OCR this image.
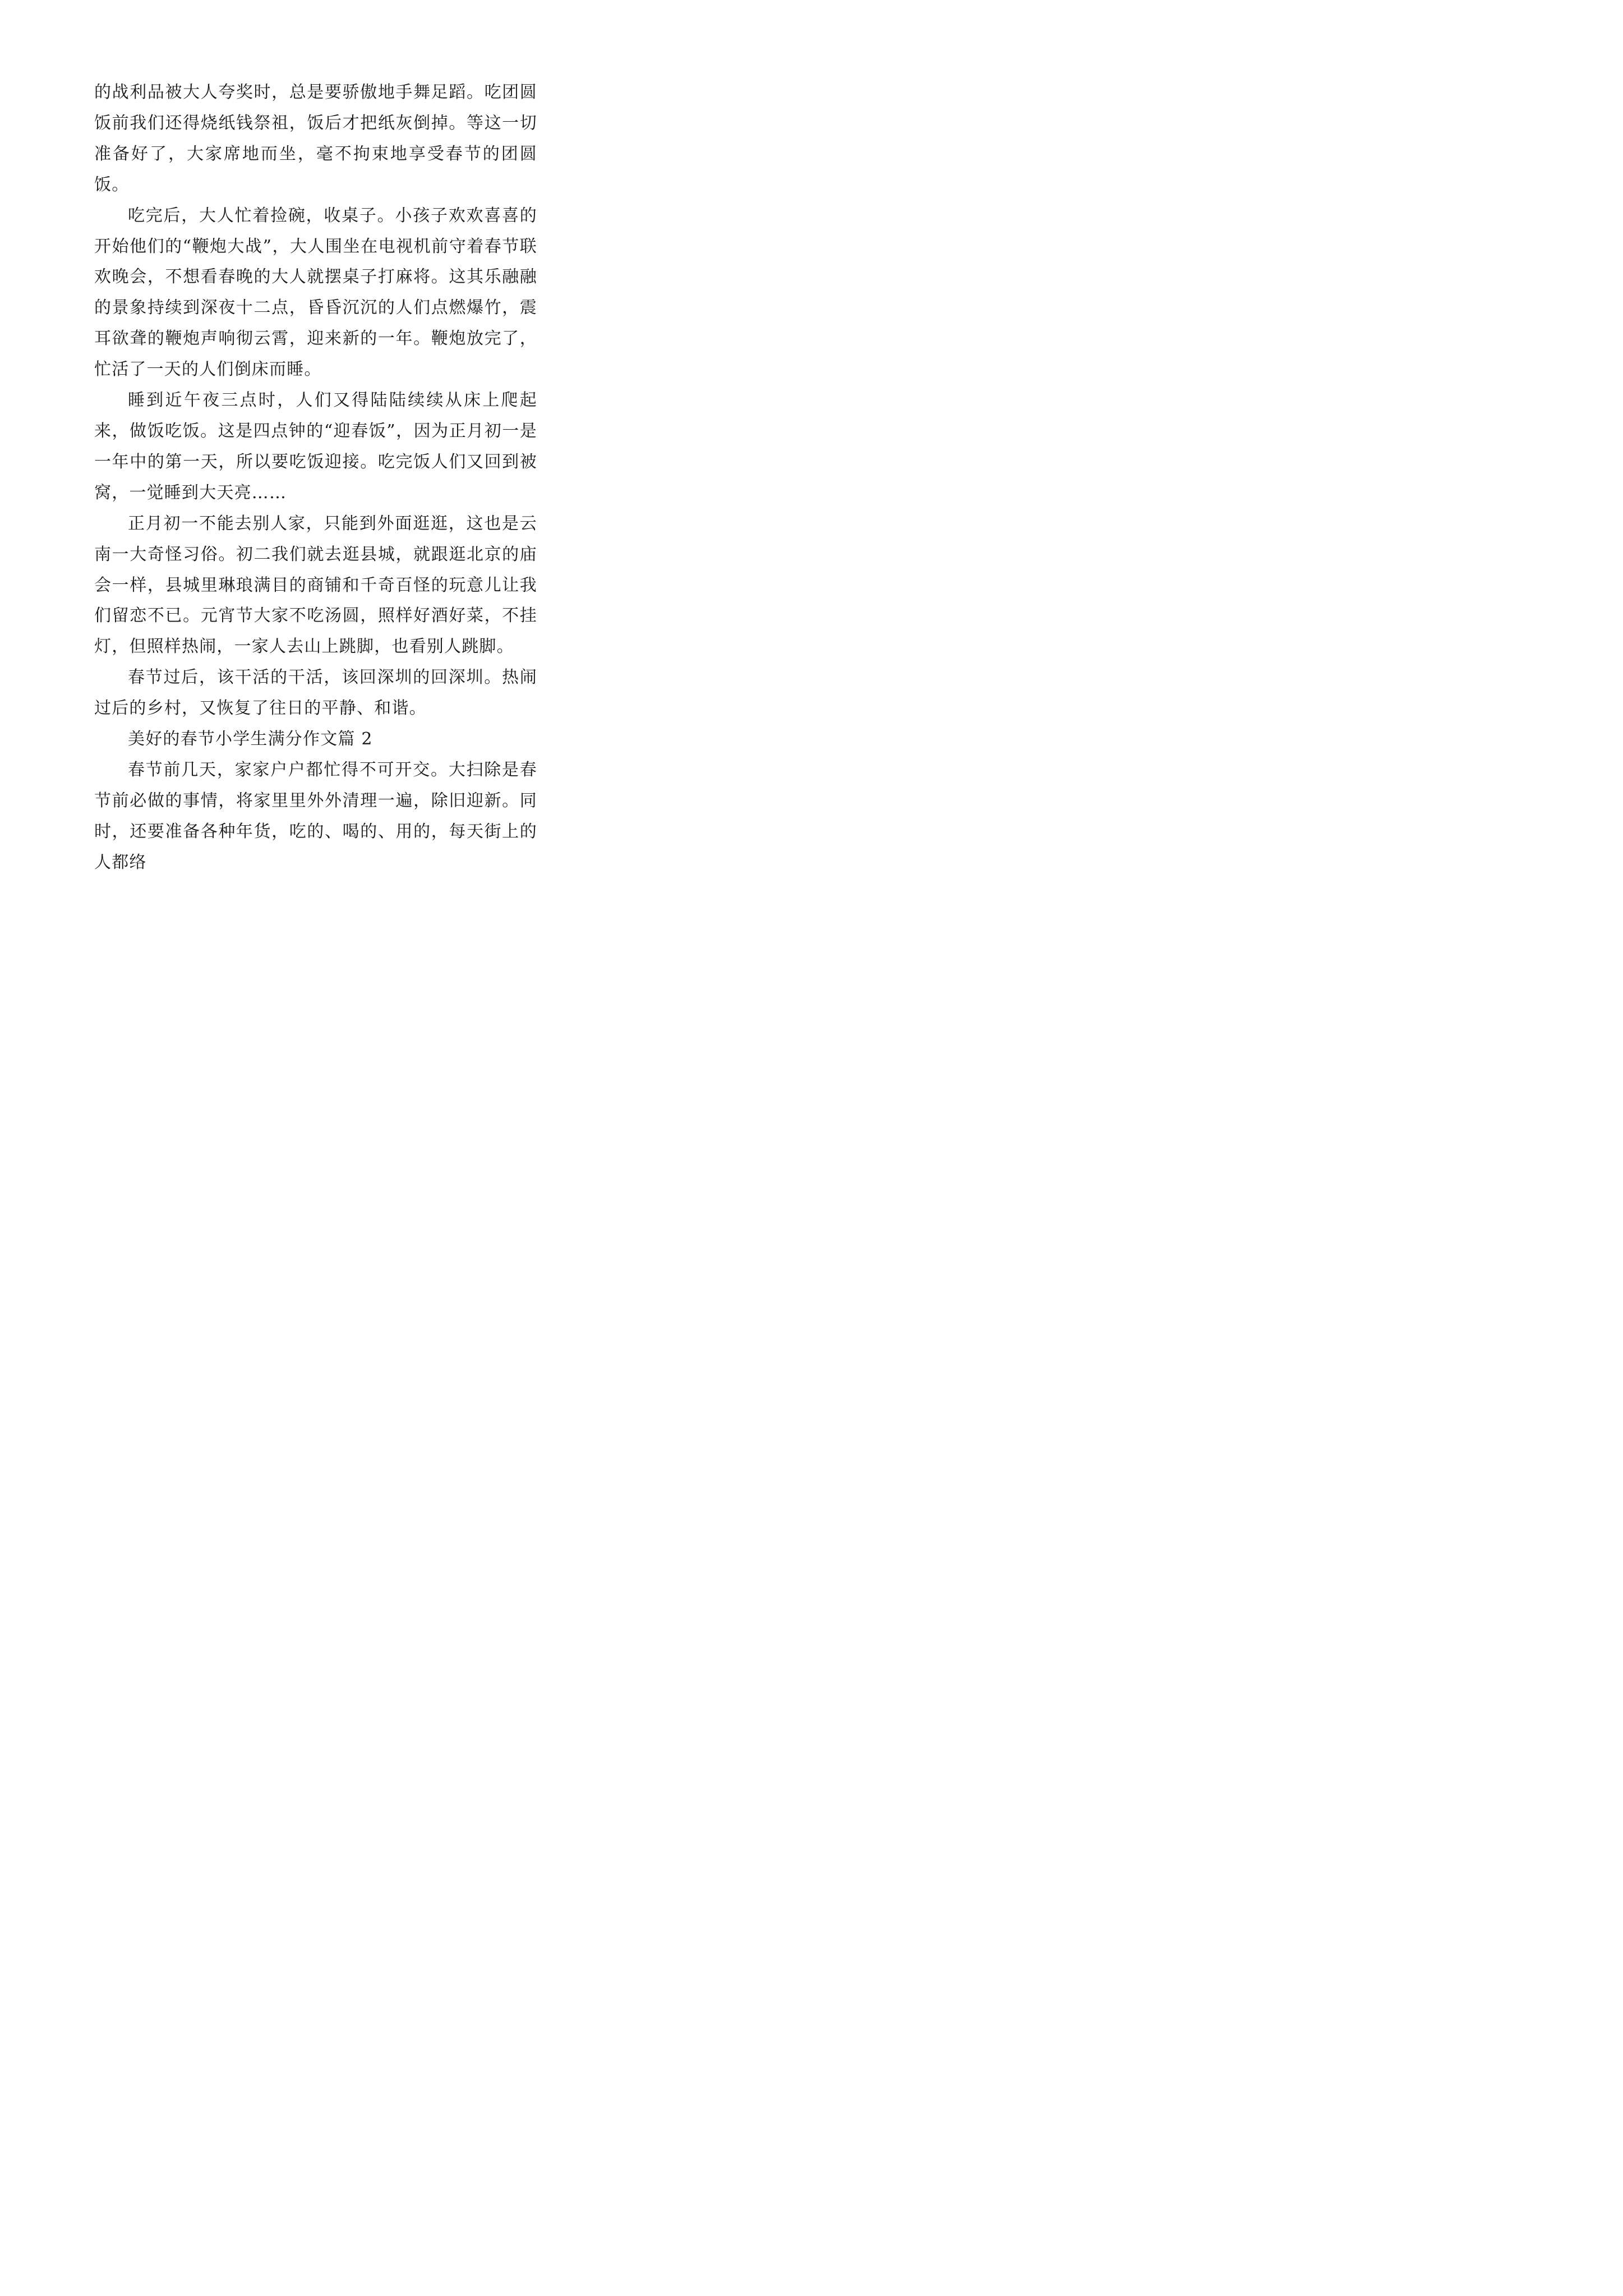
的战利品被大人夸奖时，总是要骄傲地手舞足蹈。吃团圆饭前我们还得烧纸钱祭祖，饭后才把纸灰倒掉。等这一切准备好了，大家席地而坐，毫不拘束地享受春节的团圆饭。

吃完后，大人忙着捡碗，收桌子。小孩子欢欢喜喜的开始他们的“鞭炮大战”，大人围坐在电视机前守着春节联欢晚会，不想看春晚的大人就摆桌子打麻将。这其乐融融的景象持续到深夜十二点，昏昏沉沉的人们点燃爆竹，震耳欲聋的鞭炮声响彻云霄，迎来新的一年。鞭炮放完了，忙活了一天的人们倒床而睡。

睡到近午夜三点时，人们又得陆陆续续从床上爬起来，做饭吃饭。这是四点钟的“迎春饭”，因为正月初一是一年中的第一天，所以要吃饭迎接。吃完饭人们又回到被窝，一觉睡到大天亮……

正月初一不能去别人家，只能到外面逛逛，这也是云南一大奇怪习俗。初二我们就去逛县城，就跟逛北京的庙会一样，县城里琳琅满目的商铺和千奇百怪的玩意儿让我们留恋不已。元宵节大家不吃汤圆，照样好酒好菜，不挂灯，但照样热闹，一家人去山上跳脚，也看别人跳脚。

春节过后，该干活的干活，该回深圳的回深圳。热闹过后的乡村，又恢复了往日的平静、和谐。

美好的春节小学生满分作文篇 2

春节前几天，家家户户都忙得不可开交。大扫除是春节前必做的事情，将家里里外外清理一遍，除旧迎新。同时，还要准备各种年货，吃的、喝的、用的，每天街上的人都络
